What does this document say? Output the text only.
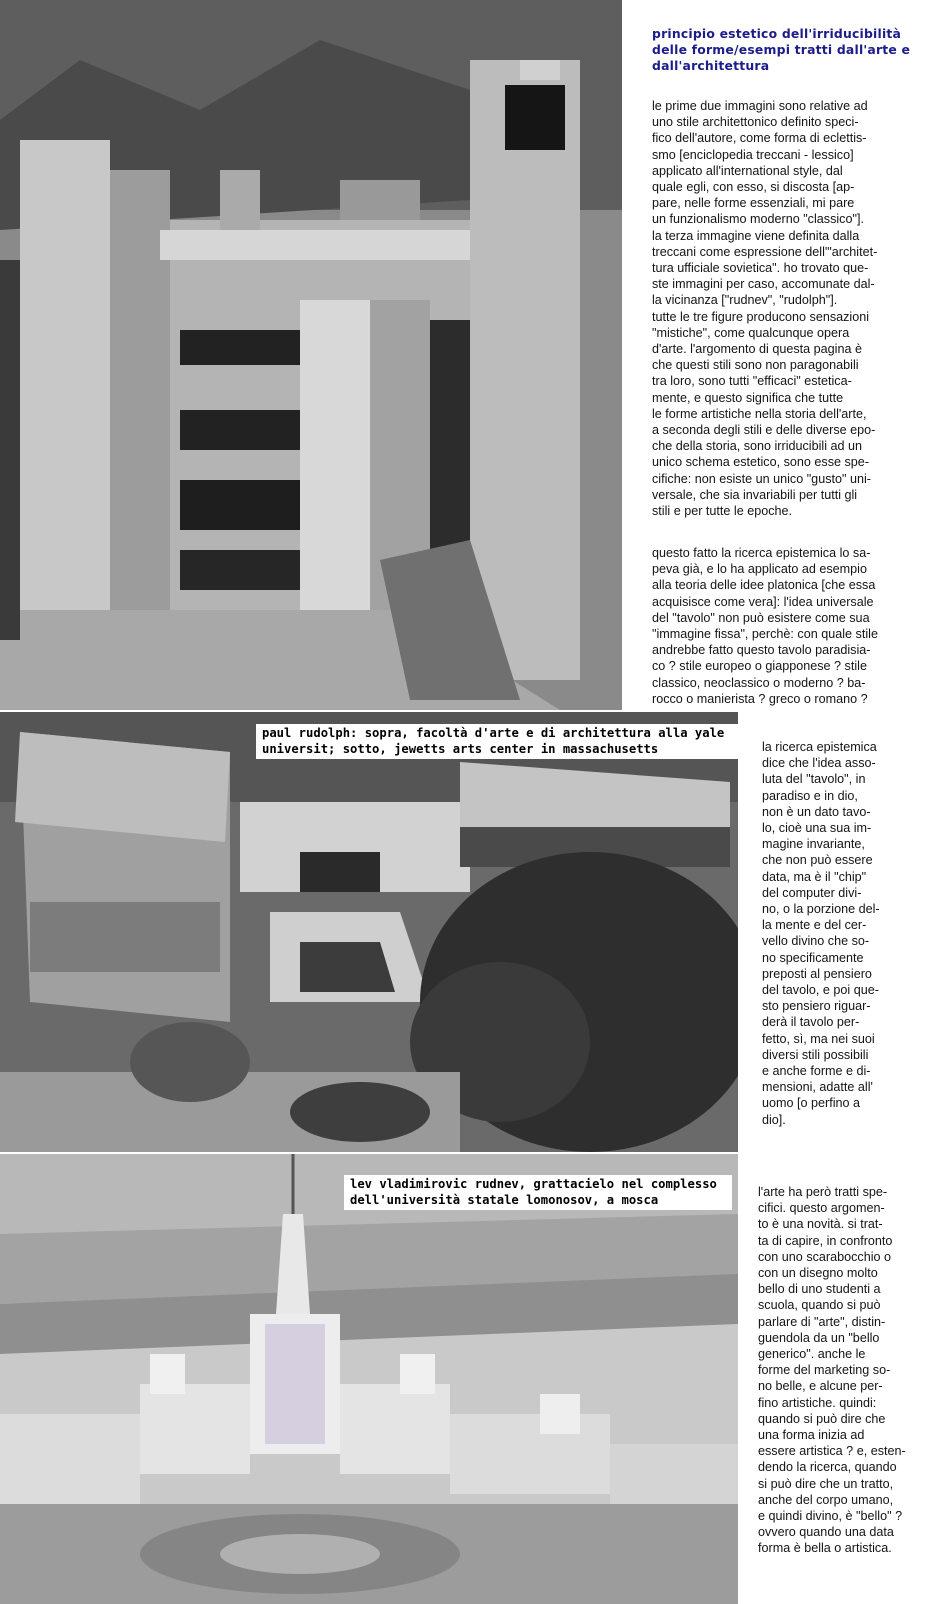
principio estetico dell'irriducibilità delle forme/esempi tratti dall'arte e dall'architettura
le prime due immagini sono relative ad
uno stile architettonico definito speci-
fico dell'autore, come forma di eclettis-
smo [enciclopedia treccani - lessico]
applicato all'international style, dal
quale egli, con esso, si discosta [ap-
pare, nelle forme essenziali, mi pare
un funzionalismo moderno "classico"].
la terza immagine viene definita dalla
treccani come espressione dell'"architet-
tura ufficiale sovietica". ho trovato que-
ste immagini per caso, accomunate dal-
la vicinanza ["rudnev", "rudolph"].
tutte le tre figure producono sensazioni
"mistiche", come qualcunque opera
d'arte. l'argomento di questa pagina è
che questi stili sono non paragonabili
tra loro, sono tutti "efficaci" estetica-
mente, e questo significa che tutte
le forme artistiche nella storia dell'arte,
a seconda degli stili e delle diverse epo-
che della storia, sono irriducibili ad un
unico schema estetico, sono esse spe-
cifiche: non esiste un unico "gusto" uni-
versale, che sia invariabili per tutti gli
stili e per tutte le epoche.
questo fatto la ricerca epistemica lo sa-
peva già, e lo ha applicato ad esempio
alla teoria delle idee platonica [che essa
acquisisce come vera]: l'idea universale
del "tavolo" non può esistere come sua
"immagine fissa", perchè: con quale stile
andrebbe fatto questo tavolo paradisia-
co ? stile europeo o giapponese ? stile
classico, neoclassico o moderno ? ba-
rocco o manierista ? greco o romano ?
la ricerca epistemica
dice che l'idea asso-
luta del "tavolo", in
paradiso e in dio,
non è un dato tavo-
lo, cioè una sua im-
magine invariante,
che non può essere
data, ma è il "chip"
del computer divi-
no, o la porzione del-
la mente e del cer-
vello divino che so-
no specificamente
preposti al pensiero
del tavolo, e poi que-
sto pensiero riguar-
derà il tavolo per-
fetto, sì, ma nei suoi
diversi stili possibili
e anche forme e di-
mensioni, adatte all'
uomo [o perfino a
dio].
l'arte ha però tratti spe-
cifici. questo argomen-
to è una novità. si trat-
ta di capire, in confronto
con uno scarabocchio o
con un disegno molto
bello di uno studenti a
scuola, quando si può
parlare di "arte", distin-
guendola da un "bello
generico". anche le
forme del marketing so-
no belle, e alcune per-
fino artistiche. quindi:
quando si può dire che
una forma inizia ad
essere artistica ? e, esten-
dendo la ricerca, quando
si può dire che un tratto,
anche del corpo umano,
e quindi divino, è "bello" ?
ovvero quando una data
forma è bella o artistica.
paul rudolph: sopra, facoltà d'arte e di architettura alla yale
universit; sotto, jewetts arts center in massachusetts
lev vladimirovic rudnev, grattacielo nel complesso
dell'università statale lomonosov, a mosca
